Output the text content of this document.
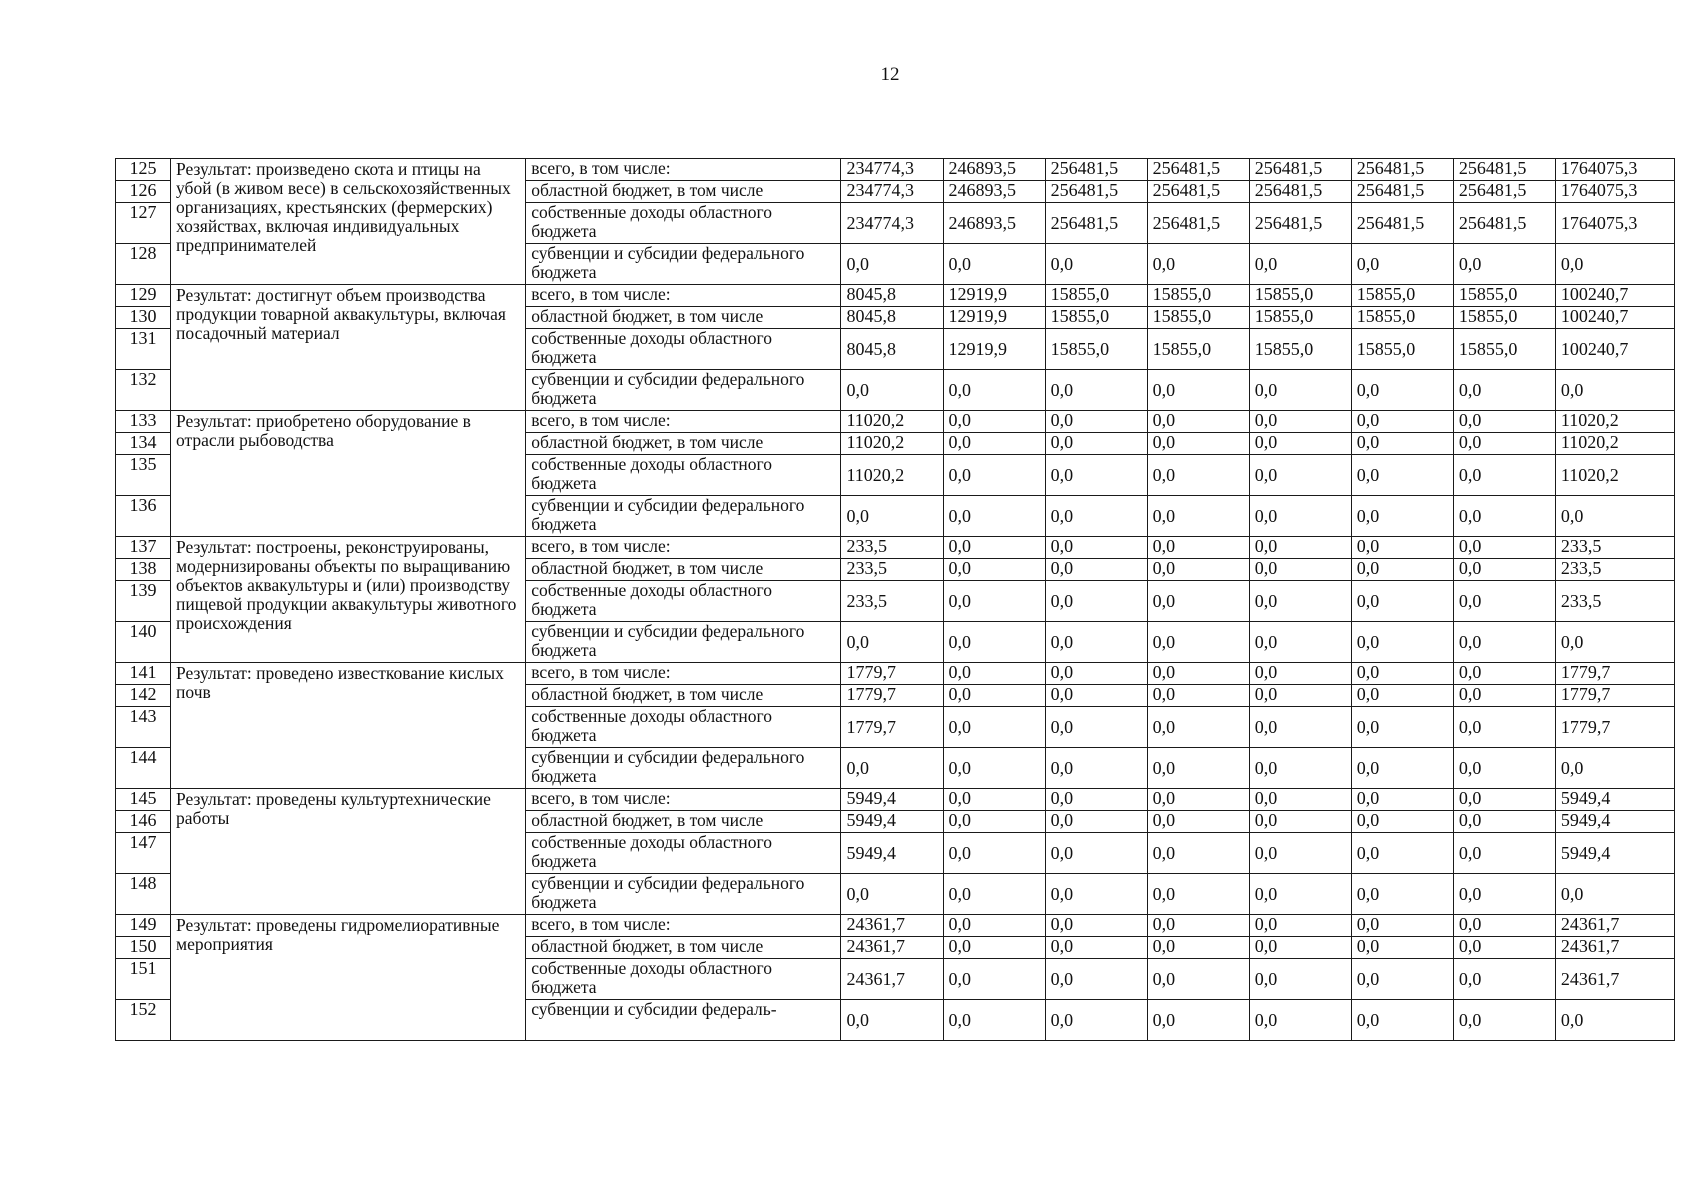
12
125	Результат: произведено скота и птицы на убой (в живом весе) в сельскохозяйственных организациях, крестьянских (фермерских) хозяйствах, включая индивидуальных предпринимателей	всего, в том числе:	234774,3	246893,5	256481,5	256481,5	256481,5	256481,5	256481,5	1764075,3
126		областной бюджет, в том числе	234774,3	246893,5	256481,5	256481,5	256481,5	256481,5	256481,5	1764075,3
127		собственные доходы областного бюджета	234774,3	246893,5	256481,5	256481,5	256481,5	256481,5	256481,5	1764075,3
128		субвенции и субсидии федерального бюджета	0,0	0,0	0,0	0,0	0,0	0,0	0,0	0,0
129	Результат: достигнут объем производства продукции товарной аквакультуры, включая посадочный материал	всего, в том числе:	8045,8	12919,9	15855,0	15855,0	15855,0	15855,0	15855,0	100240,7
130		областной бюджет, в том числе	8045,8	12919,9	15855,0	15855,0	15855,0	15855,0	15855,0	100240,7
131		собственные доходы областного бюджета	8045,8	12919,9	15855,0	15855,0	15855,0	15855,0	15855,0	100240,7
132		субвенции и субсидии федерального бюджета	0,0	0,0	0,0	0,0	0,0	0,0	0,0	0,0
133	Результат: приобретено оборудование в отрасли рыбоводства	всего, в том числе:	11020,2	0,0	0,0	0,0	0,0	0,0	0,0	11020,2
134		областной бюджет, в том числе	11020,2	0,0	0,0	0,0	0,0	0,0	0,0	11020,2
135		собственные доходы областного бюджета	11020,2	0,0	0,0	0,0	0,0	0,0	0,0	11020,2
136		субвенции и субсидии федерального бюджета	0,0	0,0	0,0	0,0	0,0	0,0	0,0	0,0
137	Результат: построены, реконструированы, модернизированы объекты по выращиванию объектов аквакультуры и (или) производству пищевой продукции аквакультуры животного происхождения	всего, в том числе:	233,5	0,0	0,0	0,0	0,0	0,0	0,0	233,5
138		областной бюджет, в том числе	233,5	0,0	0,0	0,0	0,0	0,0	0,0	233,5
139		собственные доходы областного бюджета	233,5	0,0	0,0	0,0	0,0	0,0	0,0	233,5
140		субвенции и субсидии федерального бюджета	0,0	0,0	0,0	0,0	0,0	0,0	0,0	0,0
141	Результат: проведено известкование кислых почв	всего, в том числе:	1779,7	0,0	0,0	0,0	0,0	0,0	0,0	1779,7
142		областной бюджет, в том числе	1779,7	0,0	0,0	0,0	0,0	0,0	0,0	1779,7
143		собственные доходы областного бюджета	1779,7	0,0	0,0	0,0	0,0	0,0	0,0	1779,7
144		субвенции и субсидии федерального бюджета	0,0	0,0	0,0	0,0	0,0	0,0	0,0	0,0
145	Результат: проведены культуртехнические работы	всего, в том числе:	5949,4	0,0	0,0	0,0	0,0	0,0	0,0	5949,4
146		областной бюджет, в том числе	5949,4	0,0	0,0	0,0	0,0	0,0	0,0	5949,4
147		собственные доходы областного бюджета	5949,4	0,0	0,0	0,0	0,0	0,0	0,0	5949,4
148		субвенции и субсидии федерального бюджета	0,0	0,0	0,0	0,0	0,0	0,0	0,0	0,0
149	Результат: проведены гидромелиоративные мероприятия	всего, в том числе:	24361,7	0,0	0,0	0,0	0,0	0,0	0,0	24361,7
150		областной бюджет, в том числе	24361,7	0,0	0,0	0,0	0,0	0,0	0,0	24361,7
151		собственные доходы областного бюджета	24361,7	0,0	0,0	0,0	0,0	0,0	0,0	24361,7
152		субвенции и субсидии федераль-	0,0	0,0	0,0	0,0	0,0	0,0	0,0	0,0
